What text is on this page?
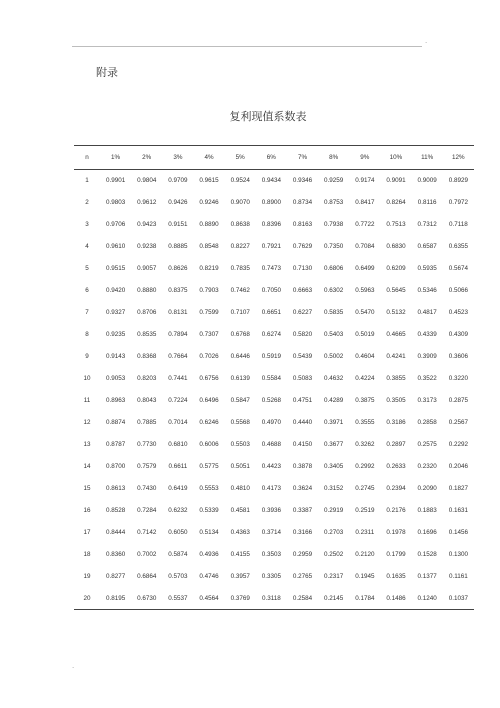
.
附录
复利现值系数表
n	1%	2%	3%	4%	5%	6%	7%	8%	9%	10%	11%	12%
1	0.9901	0.9804	0.9709	0.9615	0.9524	0.9434	0.9346	0.9259	0.9174	0.9091	0.9009	0.8929
2	0.9803	0.9612	0.9426	0.9246	0.9070	0.8900	0.8734	0.8753	0.8417	0.8264	0.8116	0.7972
3	0.9706	0.9423	0.9151	0.8890	0.8638	0.8396	0.8163	0.7938	0.7722	0.7513	0.7312	0.7118
4	0.9610	0.9238	0.8885	0.8548	0.8227	0.7921	0.7629	0.7350	0.7084	0.6830	0.6587	0.6355
5	0.9515	0.9057	0.8626	0.8219	0.7835	0.7473	0.7130	0.6806	0.6499	0.6209	0.5935	0.5674
6	0.9420	0.8880	0.8375	0.7903	0.7462	0.7050	0.6663	0.6302	0.5963	0.5645	0.5346	0.5066
7	0.9327	0.8706	0.8131	0.7599	0.7107	0.6651	0.6227	0.5835	0.5470	0.5132	0.4817	0.4523
8	0.9235	0.8535	0.7894	0.7307	0.6768	0.6274	0.5820	0.5403	0.5019	0.4665	0.4339	0.4309
9	0.9143	0.8368	0.7664	0.7026	0.6446	0.5919	0.5439	0.5002	0.4604	0.4241	0.3909	0.3606
10	0.9053	0.8203	0.7441	0.6756	0.6139	0.5584	0.5083	0.4632	0.4224	0.3855	0.3522	0.3220
11	0.8963	0.8043	0.7224	0.6496	0.5847	0.5268	0.4751	0.4289	0.3875	0.3505	0.3173	0.2875
12	0.8874	0.7885	0.7014	0.6246	0.5568	0.4970	0.4440	0.3971	0.3555	0.3186	0.2858	0.2567
13	0.8787	0.7730	0.6810	0.6006	0.5503	0.4688	0.4150	0.3677	0.3262	0.2897	0.2575	0.2292
14	0.8700	0.7579	0.6611	0.5775	0.5051	0.4423	0.3878	0.3405	0.2992	0.2633	0.2320	0.2046
15	0.8613	0.7430	0.6419	0.5553	0.4810	0.4173	0.3624	0.3152	0.2745	0.2394	0.2090	0.1827
16	0.8528	0.7284	0.6232	0.5339	0.4581	0.3936	0.3387	0.2919	0.2519	0.2176	0.1883	0.1631
17	0.8444	0.7142	0.6050	0.5134	0.4363	0.3714	0.3166	0.2703	0.2311	0.1978	0.1696	0.1456
18	0.8360	0.7002	0.5874	0.4936	0.4155	0.3503	0.2959	0.2502	0.2120	0.1799	0.1528	0.1300
19	0.8277	0.6864	0.5703	0.4746	0.3957	0.3305	0.2765	0.2317	0.1945	0.1635	0.1377	0.1161
20	0.8195	0.6730	0.5537	0.4564	0.3769	0.3118	0.2584	0.2145	0.1784	0.1486	0.1240	0.1037
.
